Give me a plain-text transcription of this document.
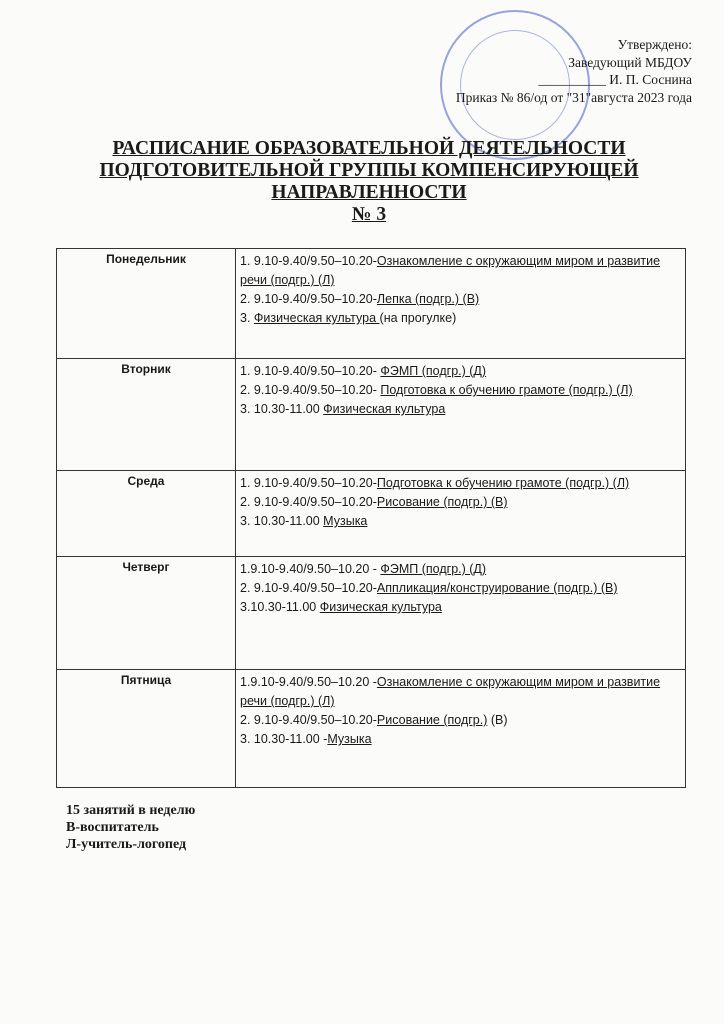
Утверждено:
Заведующий МБДОУ
__________ И. П. Соснина
Приказ № 86/од от "31"августа 2023 года
РАСПИСАНИЕ ОБРАЗОВАТЕЛЬНОЙ ДЕЯТЕЛЬНОСТИ
ПОДГОТОВИТЕЛЬНОЙ ГРУППЫ КОМПЕНСИРУЮЩЕЙ
НАПРАВЛЕННОСТИ
№ 3
Понедельник	1. 9.10-9.40/9.50–10.20-Ознакомление с окружающим миром и развитие речи (подгр.) (Л)
2. 9.10-9.40/9.50–10.20-Лепка (подгр.) (В)
3. Физическая культура (на прогулке)

Вторник	1. 9.10-9.40/9.50–10.20- ФЭМП (подгр.) (Д)
2. 9.10-9.40/9.50–10.20- Подготовка к обучению грамоте (подгр.) (Л)
3. 10.30-11.00 Физическая культура

Среда	1. 9.10-9.40/9.50–10.20-Подготовка к обучению грамоте (подгр.) (Л)
2. 9.10-9.40/9.50–10.20-Рисование (подгр.) (В)
3. 10.30-11.00 Музыка

Четверг	1.9.10-9.40/9.50–10.20 - ФЭМП (подгр.) (Д)
2. 9.10-9.40/9.50–10.20-Аппликация/конструирование (подгр.) (В)
3.10.30-11.00 Физическая культура

Пятница	1.9.10-9.40/9.50–10.20 -Ознакомление с окружающим миром и развитие речи (подгр.) (Л)
2. 9.10-9.40/9.50–10.20-Рисование (подгр.) (В)
3. 10.30-11.00 -Музыка
15 занятий в неделю
В-воспитатель
Л-учитель-логопед
